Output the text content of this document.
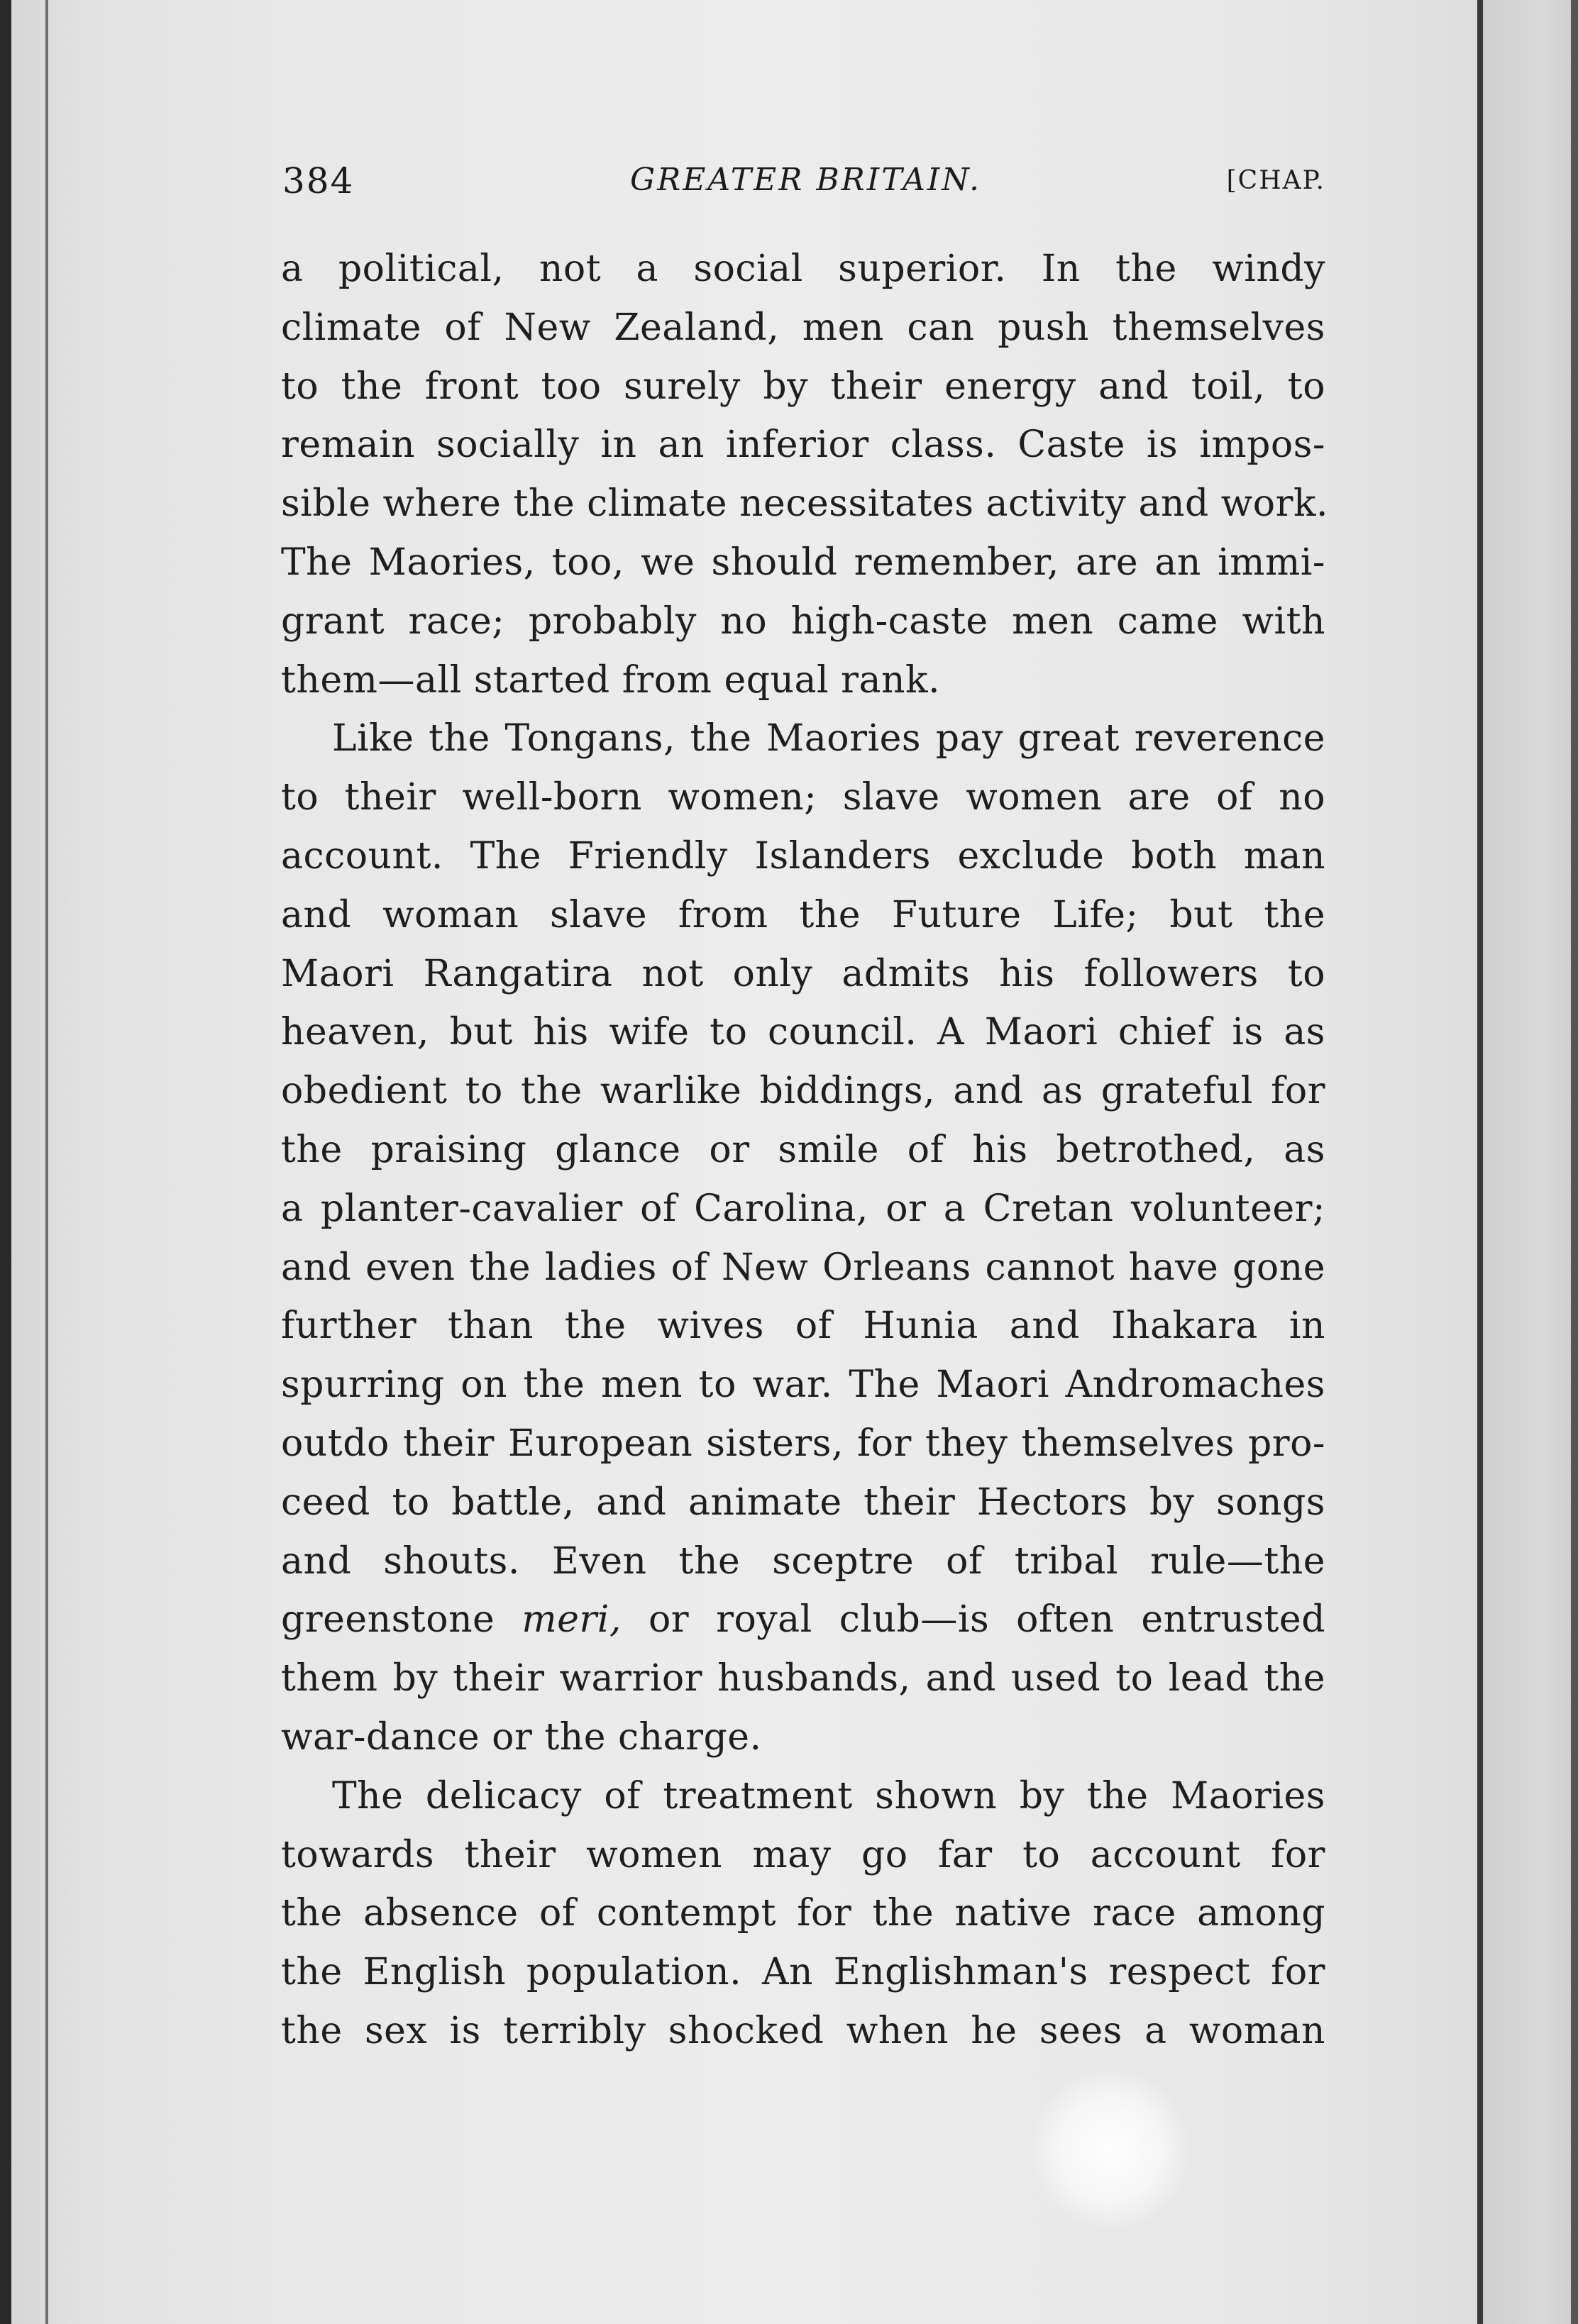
384	GREATER BRITAIN.	[CHAP.
a political, not a social superior. In the windy
climate of New Zealand, men can push themselves
to the front too surely by their energy and toil, to
remain socially in an inferior class. Caste is impos-
sible where the climate necessitates activity and work.
The Maories, too, we should remember, are an immi-
grant race; probably no high-caste men came with
them—all started from equal rank.
Like the Tongans, the Maories pay great reverence
to their well-born women; slave women are of no
account. The Friendly Islanders exclude both man
and woman slave from the Future Life; but the
Maori Rangatira not only admits his followers to
heaven, but his wife to council. A Maori chief is as
obedient to the warlike biddings, and as grateful for
the praising glance or smile of his betrothed, as
a planter-cavalier of Carolina, or a Cretan volunteer;
and even the ladies of New Orleans cannot have gone
further than the wives of Hunia and Ihakara in
spurring on the men to war. The Maori Andromaches
outdo their European sisters, for they themselves pro-
ceed to battle, and animate their Hectors by songs
and shouts. Even the sceptre of tribal rule—the
greenstone meri, or royal club—is often entrusted
them by their warrior husbands, and used to lead the
war-dance or the charge.
The delicacy of treatment shown by the Maories
towards their women may go far to account for
the absence of contempt for the native race among
the English population. An Englishman's respect for
the sex is terribly shocked when he sees a woman
